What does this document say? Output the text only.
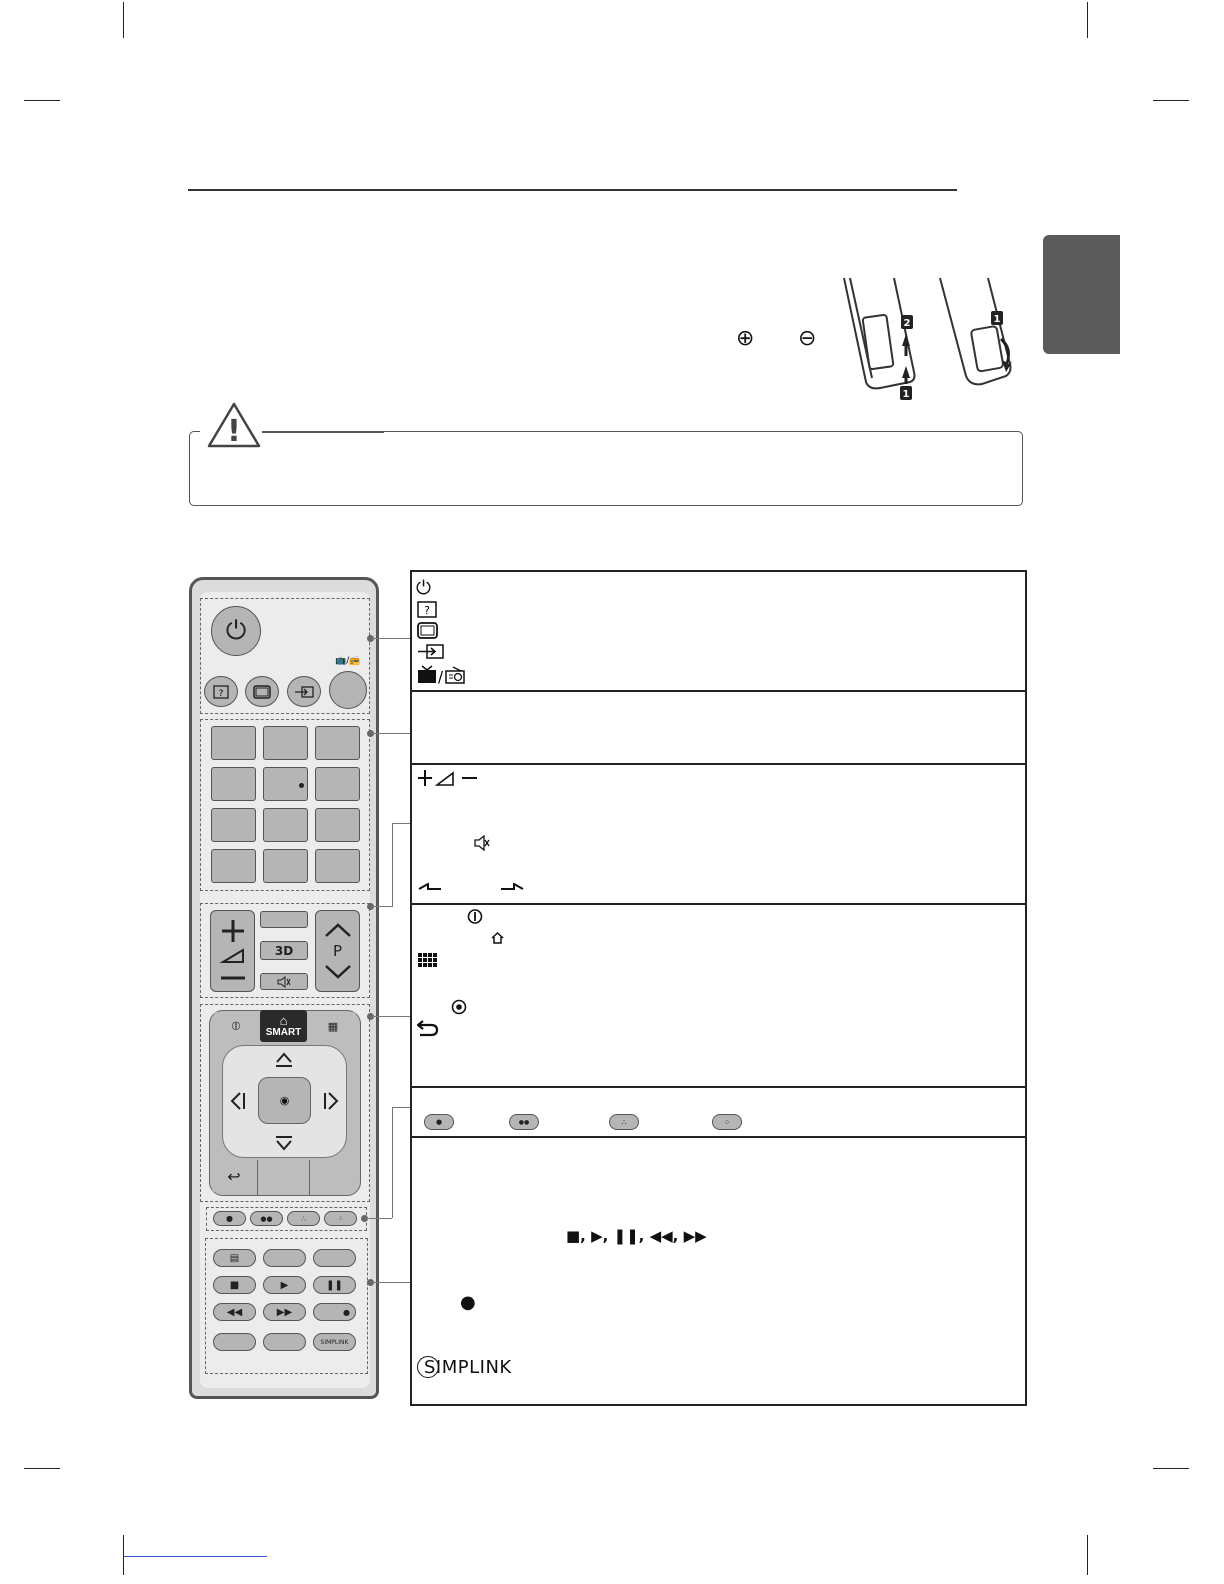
⊕ ⊖
2
1
1
!
⏻
📺/📻
?
3D	P
⦶	⌂
SMART	▦
◉
↩
●	●●	∴	⁘
▤
■	▶	❚❚
◀◀	▶▶	●
SIMPLINK
⏻
?
/
●	●●	∴	⁘
■, ▶, ❚❚, ◀◀, ▶▶
●
SIMPLINK
